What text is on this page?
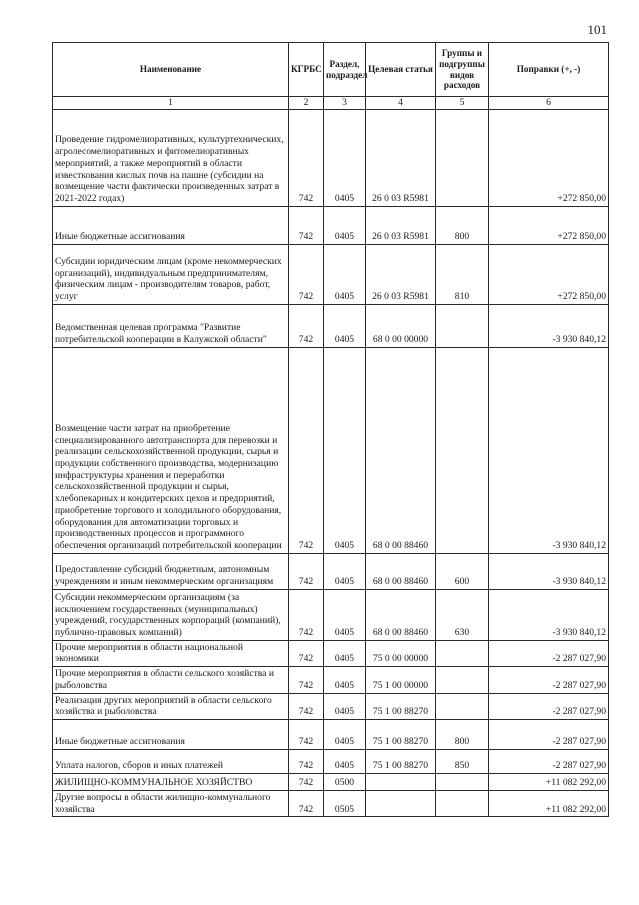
101
Наименование	КГРБС	Раздел, подраздел	Целевая статья	Группы и подгруппы видов расходов	Поправки (+, -)
1	2	3	4	5	6
Проведение гидромелиоративных, культуртехнических, агролесомелиоративных и фитомелиоративных мероприятий, а также мероприятий в области известкования кислых почв на пашне (субсидии на возмещение части фактически произведенных затрат в 2021-2022 годах)	742	0405	26 0 03 R5981		+272 850,00
Иные бюджетные ассигнования	742	0405	26 0 03 R5981	800	+272 850,00
Субсидии юридическим лицам (кроме некоммерческих организаций), индивидуальным предпринимателям, физическим лицам - производителям товаров, работ, услуг	742	0405	26 0 03 R5981	810	+272 850,00
Ведомственная целевая программа "Развитие потребительской кооперации в Калужской области"	742	0405	68 0 00 00000		-3 930 840,12
Возмещение части затрат на приобретение специализированного автотранспорта для перевозки и реализации сельскохозяйственной продукции, сырья и продукции собственного производства, модернизацию инфраструктуры хранения и переработки сельскохозяйственной продукции и сырья, хлебопекарных и кондитерских цехов и предприятий, приобретение торгового и холодильного оборудования, оборудования для автоматизации торговых и производственных процессов и программного обеспечения организаций потребительской кооперации	742	0405	68 0 00 88460		-3 930 840,12
Предоставление субсидий бюджетным, автономным учреждениям и иным некоммерческим организациям	742	0405	68 0 00 88460	600	-3 930 840,12
Субсидии некоммерческим организациям (за исключением государственных (муниципальных) учреждений, государственных корпораций (компаний), публично-правовых компаний)	742	0405	68 0 00 88460	630	-3 930 840,12
Прочие мероприятия в области национальной экономики	742	0405	75 0 00 00000		-2 287 027,90
Прочие мероприятия в области сельского хозяйства и рыболовства	742	0405	75 1 00 00000		-2 287 027,90
Реализация других мероприятий в области сельского хозяйства и рыболовства	742	0405	75 1 00 88270		-2 287 027,90
Иные бюджетные ассигнования	742	0405	75 1 00 88270	800	-2 287 027,90
Уплата налогов, сборов и иных платежей	742	0405	75 1 00 88270	850	-2 287 027,90
ЖИЛИЩНО-КОММУНАЛЬНОЕ ХОЗЯЙСТВО	742	0500			+11 082 292,00
Другие вопросы в области жилищно-коммунального хозяйства	742	0505			+11 082 292,00
